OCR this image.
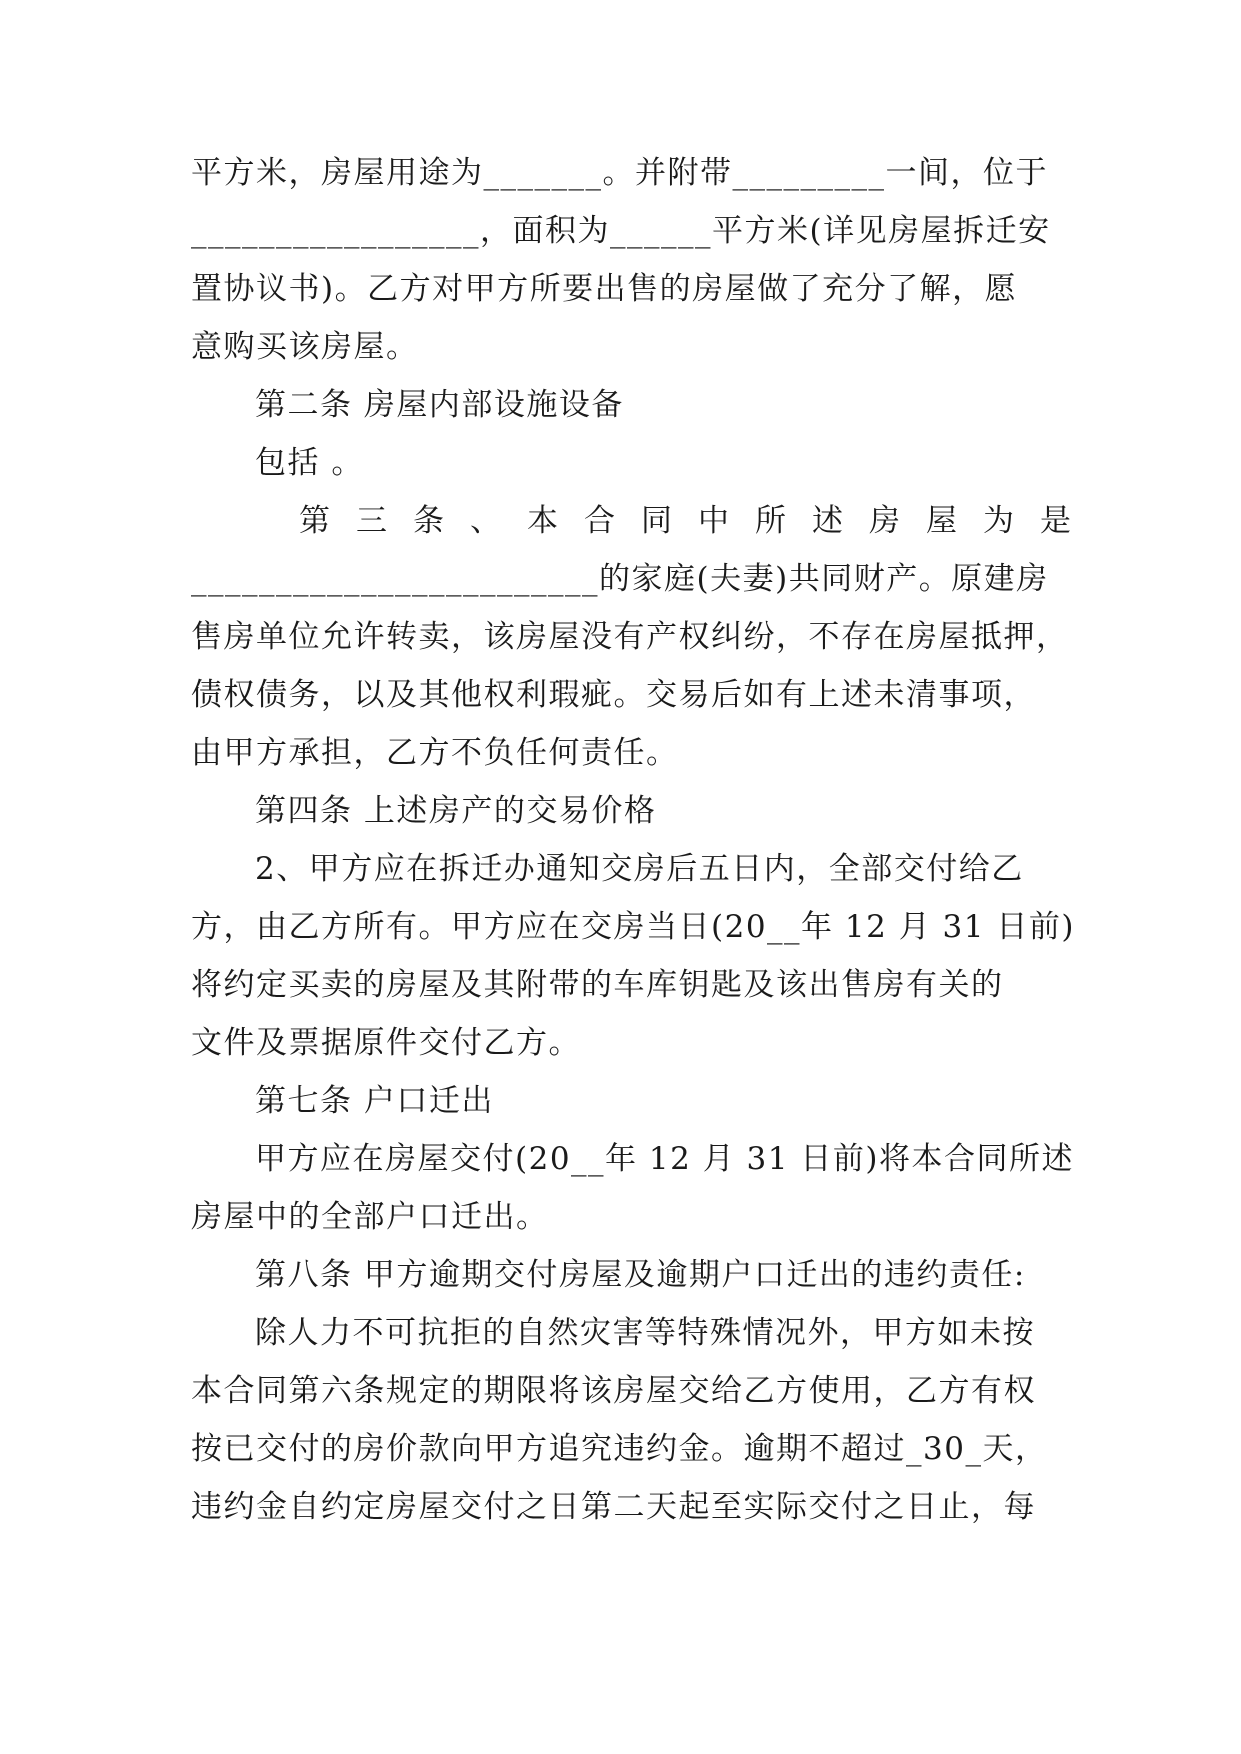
平方米，房屋用途为_______。并附带_________一间，位于
_________________，面积为______平方米(详见房屋拆迁安
置协议书)。乙方对甲方所要出售的房屋做了充分了解，愿
意购买该房屋。
第二条 房屋内部设施设备
包括 。
第三条、本合同中所述房屋为是
________________________的家庭(夫妻)共同财产。原建房
售房单位允许转卖，该房屋没有产权纠纷，不存在房屋抵押，
债权债务，以及其他权利瑕疵。交易后如有上述未清事项，
由甲方承担，乙方不负任何责任。
第四条 上述房产的交易价格
2、甲方应在拆迁办通知交房后五日内，全部交付给乙
方，由乙方所有。甲方应在交房当日(20__年 12 月 31 日前)
将约定买卖的房屋及其附带的车库钥匙及该出售房有关的
文件及票据原件交付乙方。
第七条 户口迁出
甲方应在房屋交付(20__年 12 月 31 日前)将本合同所述
房屋中的全部户口迁出。
第八条 甲方逾期交付房屋及逾期户口迁出的违约责任:
除人力不可抗拒的自然灾害等特殊情况外，甲方如未按
本合同第六条规定的期限将该房屋交给乙方使用，乙方有权
按已交付的房价款向甲方追究违约金。逾期不超过_30_天，
违约金自约定房屋交付之日第二天起至实际交付之日止，每
